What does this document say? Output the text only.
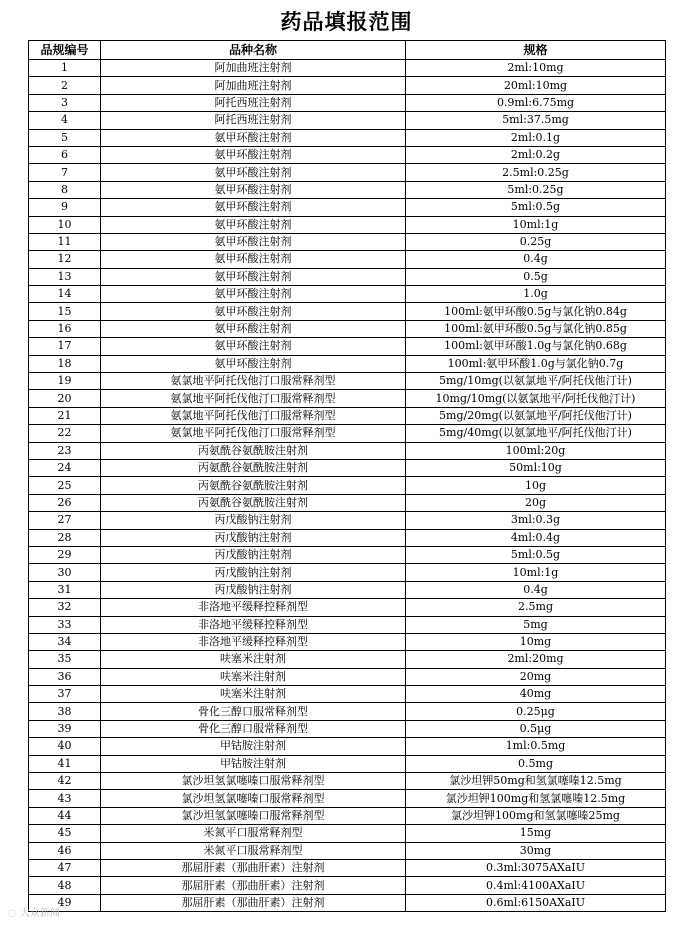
药品填报范围
品规编号	品种名称	规格
1	阿加曲班注射剂	2ml:10mg
2	阿加曲班注射剂	20ml:10mg
3	阿托西班注射剂	0.9ml:6.75mg
4	阿托西班注射剂	5ml:37.5mg
5	氨甲环酸注射剂	2ml:0.1g
6	氨甲环酸注射剂	2ml:0.2g
7	氨甲环酸注射剂	2.5ml:0.25g
8	氨甲环酸注射剂	5ml:0.25g
9	氨甲环酸注射剂	5ml:0.5g
10	氨甲环酸注射剂	10ml:1g
11	氨甲环酸注射剂	0.25g
12	氨甲环酸注射剂	0.4g
13	氨甲环酸注射剂	0.5g
14	氨甲环酸注射剂	1.0g
15	氨甲环酸注射剂	100ml:氨甲环酸0.5g与氯化钠0.84g
16	氨甲环酸注射剂	100ml:氨甲环酸0.5g与氯化钠0.85g
17	氨甲环酸注射剂	100ml:氨甲环酸1.0g与氯化钠0.68g
18	氨甲环酸注射剂	100ml:氨甲环酸1.0g与氯化钠0.7g
19	氨氯地平阿托伐他汀口服常释剂型	5mg/10mg(以氨氯地平/阿托伐他汀计)
20	氨氯地平阿托伐他汀口服常释剂型	10mg/10mg(以氨氯地平/阿托伐他汀计)
21	氨氯地平阿托伐他汀口服常释剂型	5mg/20mg(以氨氯地平/阿托伐他汀计)
22	氨氯地平阿托伐他汀口服常释剂型	5mg/40mg(以氨氯地平/阿托伐他汀计)
23	丙氨酰谷氨酰胺注射剂	100ml:20g
24	丙氨酰谷氨酰胺注射剂	50ml:10g
25	丙氨酰谷氨酰胺注射剂	10g
26	丙氨酰谷氨酰胺注射剂	20g
27	丙戊酸钠注射剂	3ml:0.3g
28	丙戊酸钠注射剂	4ml:0.4g
29	丙戊酸钠注射剂	5ml:0.5g
30	丙戊酸钠注射剂	10ml:1g
31	丙戊酸钠注射剂	0.4g
32	非洛地平缓释控释剂型	2.5mg
33	非洛地平缓释控释剂型	5mg
34	非洛地平缓释控释剂型	10mg
35	呋塞米注射剂	2ml:20mg
36	呋塞米注射剂	20mg
37	呋塞米注射剂	40mg
38	骨化三醇口服常释剂型	0.25μg
39	骨化三醇口服常释剂型	0.5μg
40	甲钴胺注射剂	1ml:0.5mg
41	甲钴胺注射剂	0.5mg
42	氯沙坦氢氯噻嗪口服常释剂型	氯沙坦钾50mg和氢氯噻嗪12.5mg
43	氯沙坦氢氯噻嗪口服常释剂型	氯沙坦钾100mg和氢氯噻嗪12.5mg
44	氯沙坦氢氯噻嗪口服常释剂型	氯沙坦钾100mg和氢氯噻嗪25mg
45	米氮平口服常释剂型	15mg
46	米氮平口服常释剂型	30mg
47	那屈肝素（那曲肝素）注射剂	0.3ml:3075AXaIU
48	那屈肝素（那曲肝素）注射剂	0.4ml:4100AXaIU
49	那屈肝素（那曲肝素）注射剂	0.6ml:6150AXaIU
◌ 大众新闻
